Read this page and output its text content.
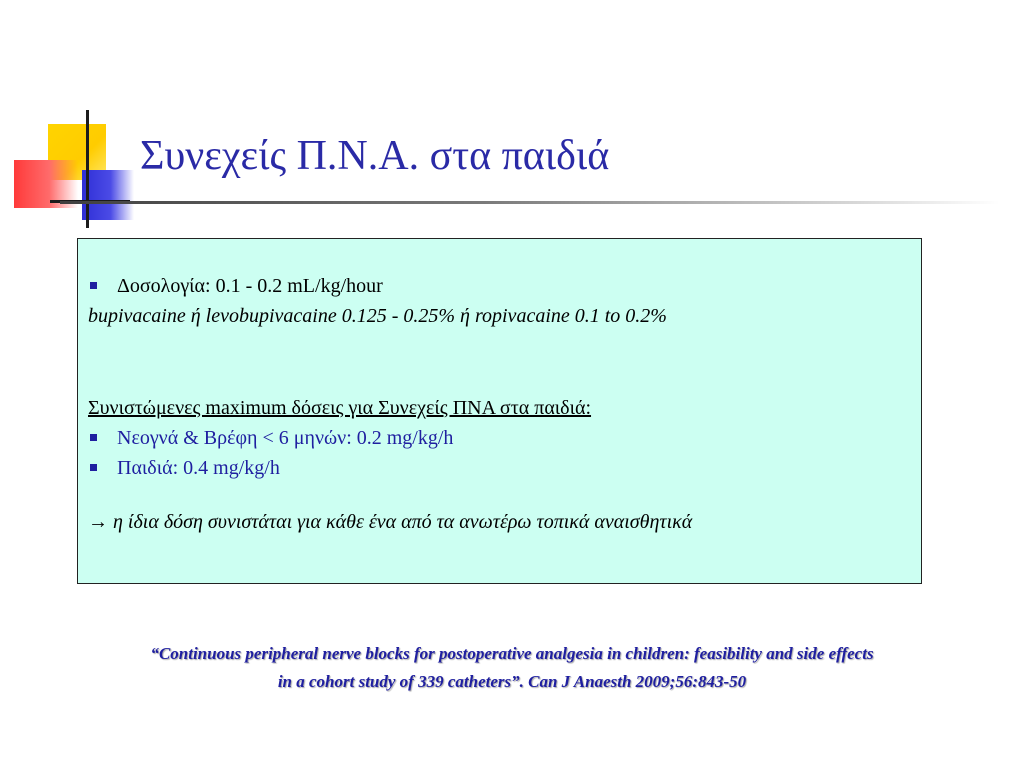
Συνεχείς Π.Ν.Α. στα παιδιά
Δοσολογία: 0.1 - 0.2 mL/kg/hour
bupivacaine ή levobupivacaine 0.125 - 0.25% ή ropivacaine 0.1 to 0.2%
Συνιστώμενες maximum δόσεις για Συνεχείς ΠΝΑ στα παιδιά:
Νεογνά & Βρέφη < 6 μηνών: 0.2 mg/kg/h
Παιδιά: 0.4 mg/kg/h
→ η ίδια δόση συνιστάται για κάθε ένα από τα ανωτέρω τοπικά αναισθητικά
“Continuous peripheral nerve blocks for postoperative analgesia in children: feasibility and side effects
in a cohort study of 339 catheters”. Can J Anaesth 2009;56:843-50
